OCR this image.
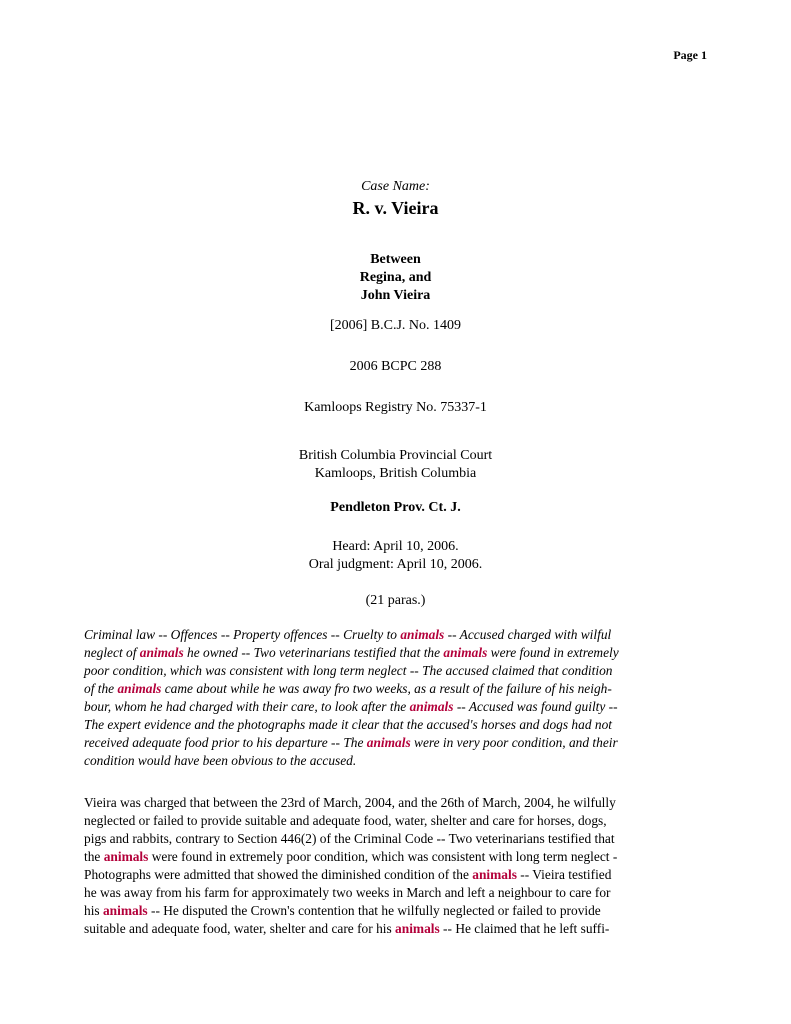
Page 1
Case Name:
R. v. Vieira
Between
Regina, and
John Vieira
[2006] B.C.J. No. 1409
2006 BCPC 288
Kamloops Registry No. 75337-1
British Columbia Provincial Court
Kamloops, British Columbia
Pendleton Prov. Ct. J.
Heard: April 10, 2006.
Oral judgment: April 10, 2006.
(21 paras.)
Criminal law -- Offences -- Property offences -- Cruelty to animals -- Accused charged with wilful
neglect of animals he owned -- Two veterinarians testified that the animals were found in extremely
poor condition, which was consistent with long term neglect -- The accused claimed that condition
of the animals came about while he was away fro two weeks, as a result of the failure of his neigh-
bour, whom he had charged with their care, to look after the animals -- Accused was found guilty --
The expert evidence and the photographs made it clear that the accused's horses and dogs had not
received adequate food prior to his departure -- The animals were in very poor condition, and their
condition would have been obvious to the accused.
Vieira was charged that between the 23rd of March, 2004, and the 26th of March, 2004, he wilfully
neglected or failed to provide suitable and adequate food, water, shelter and care for horses, dogs,
pigs and rabbits, contrary to Section 446(2) of the Criminal Code -- Two veterinarians testified that
the animals were found in extremely poor condition, which was consistent with long term neglect -
Photographs were admitted that showed the diminished condition of the animals -- Vieira testified
he was away from his farm for approximately two weeks in March and left a neighbour to care for
his animals -- He disputed the Crown's contention that he wilfully neglected or failed to provide
suitable and adequate food, water, shelter and care for his animals -- He claimed that he left suffi-
